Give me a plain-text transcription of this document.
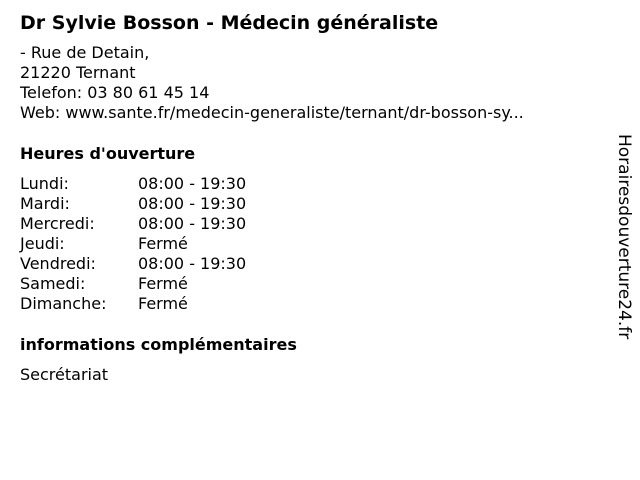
Dr Sylvie Bosson - Médecin généraliste
- Rue de Detain,
21220 Ternant
Telefon: 03 80 61 45 14
Web: www.sante.fr/medecin-generaliste/ternant/dr-bosson-sy...
Heures d'ouverture
Lundi:	08:00 - 19:30
Mardi:	08:00 - 19:30
Mercredi:	08:00 - 19:30
Jeudi:	Fermé
Vendredi:	08:00 - 19:30
Samedi:	Fermé
Dimanche:	Fermé
informations complémentaires
Secrétariat
Horairesdouverture24.fr
